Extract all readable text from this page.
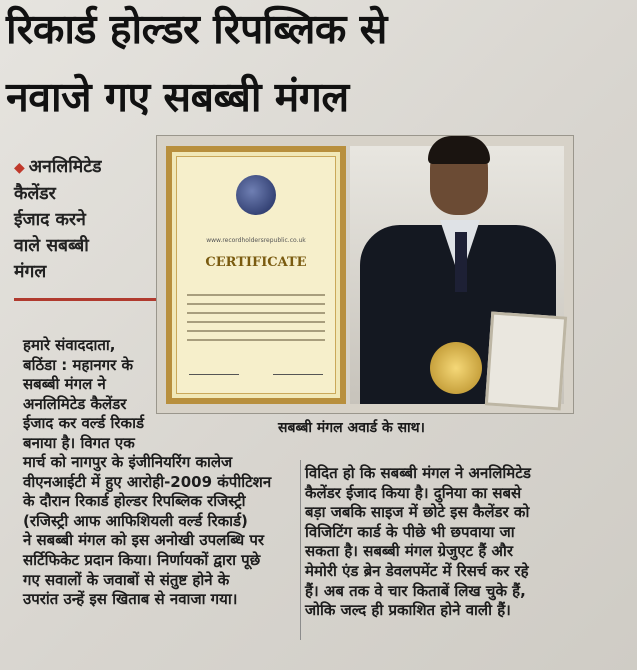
रिकार्ड होल्डर रिपब्लिक से
नवाजे गए सबब्बी मंगल
◆ अनलिमिटेड
कैलेंडर
ईजाद करने
वाले सबब्बी
मंगल
www.recordholdersrepublic.co.uk
CERTIFICATE
सबब्बी मंगल अवार्ड के साथ।

हमारे संवाददाता,

बठिंडा : महानगर के

सबब्बी मंगल ने

अनलिमिटेड कैलेंडर

ईजाद कर वर्ल्ड रिकार्ड

बनाया है। विगत एक

मार्च को नागपुर के इंजीनियरिंग कालेज

वीएनआईटी में हुए आरोही-2009 कंपीटिशन

के दौरान रिकार्ड होल्डर रिपब्लिक रजिस्ट्री

(रजिस्ट्री आफ आफिशियली वर्ल्ड रिकार्ड)

ने सबब्बी मंगल को इस अनोखी उपलब्धि पर

सर्टिफिकेट प्रदान किया। निर्णायकों द्वारा पूछे

गए सवालों के जवाबों से संतुष्ट होने के

उपरांत उन्हें इस खिताब से नवाजा गया।

विदित हो कि सबब्बी मंगल ने अनलिमिटेड

कैलेंडर ईजाद किया है। दुनिया का सबसे

बड़ा जबकि साइज में छोटे इस कैलेंडर को

विजिटिंग कार्ड के पीछे भी छपवाया जा

सकता है। सबब्बी मंगल ग्रेजुएट हैं और

मेमोरी एंड ब्रेन डेवलपमेंट में रिसर्च कर रहे

हैं। अब तक वे चार किताबें लिख चुके हैं,

जोकि जल्द ही प्रकाशित होने वाली हैं।
